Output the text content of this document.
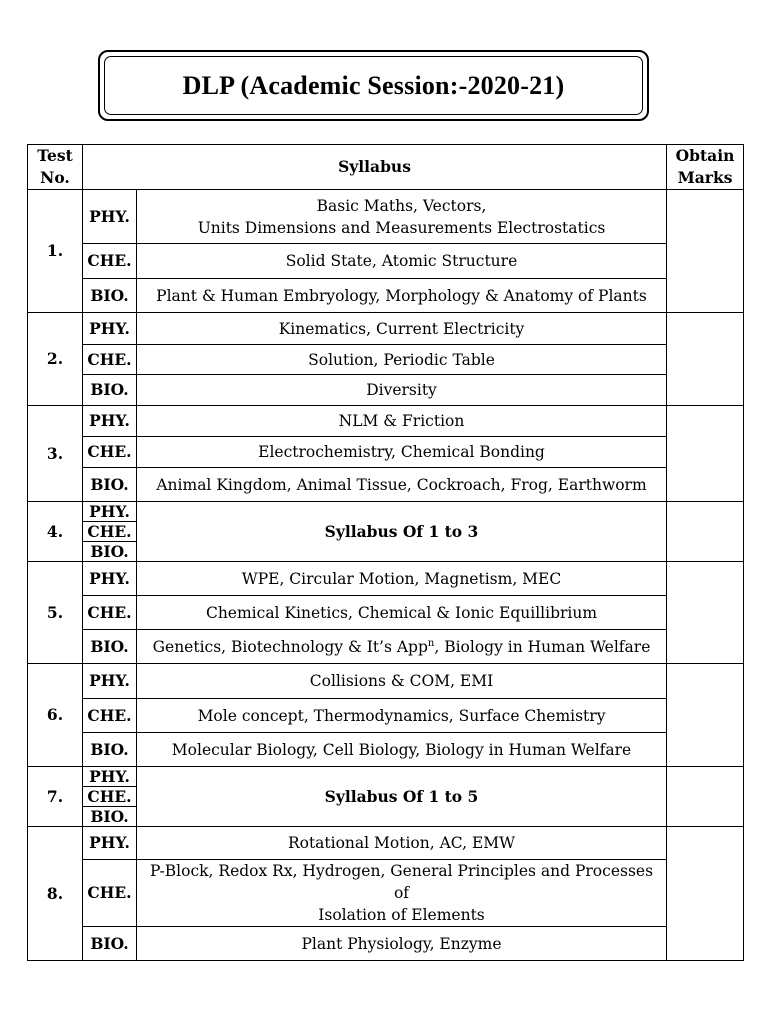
DLP (Academic Session:-2020-21)
Test No.	Syllabus		Obtain Marks
1.	PHY.	Basic Maths, Vectors,
Units Dimensions and Measurements Electrostatics	
	CHE.	Solid State, Atomic Structure	
	BIO.	Plant & Human Embryology, Morphology & Anatomy of Plants	
2.	PHY.	Kinematics, Current Electricity	
	CHE.	Solution, Periodic Table	
	BIO.	Diversity	
3.	PHY.	NLM & Friction	
	CHE.	Electrochemistry, Chemical Bonding	
	BIO.	Animal Kingdom, Animal Tissue, Cockroach, Frog, Earthworm	
4.	PHY.	Syllabus Of 1 to 3	
	CHE.		
	BIO.		
5.	PHY.	WPE, Circular Motion, Magnetism, MEC	
	CHE.	Chemical Kinetics, Chemical & Ionic Equillibrium	
	BIO.	Genetics, Biotechnology & It’s App$^n$, Biology in Human Welfare	
6.	PHY.	Collisions & COM, EMI	
	CHE.	Mole concept, Thermodynamics, Surface Chemistry	
	BIO.	Molecular Biology, Cell Biology, Biology in Human Welfare	
7.	PHY.	Syllabus Of 1 to 5	
	CHE.		
	BIO.		
8.	PHY.	Rotational Motion, AC, EMW	
	CHE.	P-Block, Redox Rx, Hydrogen, General Principles and Processes of
Isolation of Elements	
	BIO.	Plant Physiology, Enzyme	
